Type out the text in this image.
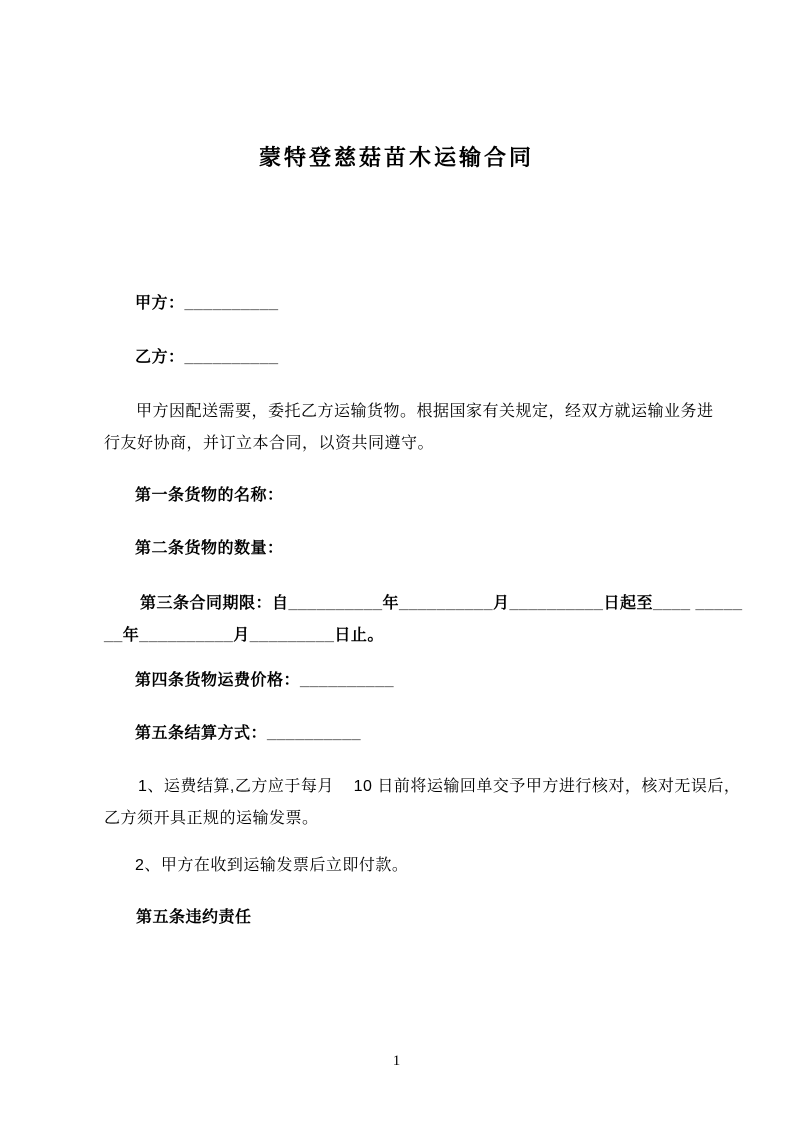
蒙特登慈菇苗木运输合同
甲方：__________
乙方：__________
甲方因配送需要，委托乙方运输货物。根据国家有关规定，经双方就运输业务进
行友好协商，并订立本合同，以资共同遵守。
第一条货物的名称：
第二条货物的数量：
第三条合同期限：自__________年__________月__________日起至____ _____
__年__________月_________日止。
第四条货物运费价格：__________
第五条结算方式：__________
1、运费结算,乙方应于每月    10 日前将运输回单交予甲方进行核对，核对无误后，
乙方须开具正规的运输发票。
2、甲方在收到运输发票后立即付款。
第五条违约责任
1
